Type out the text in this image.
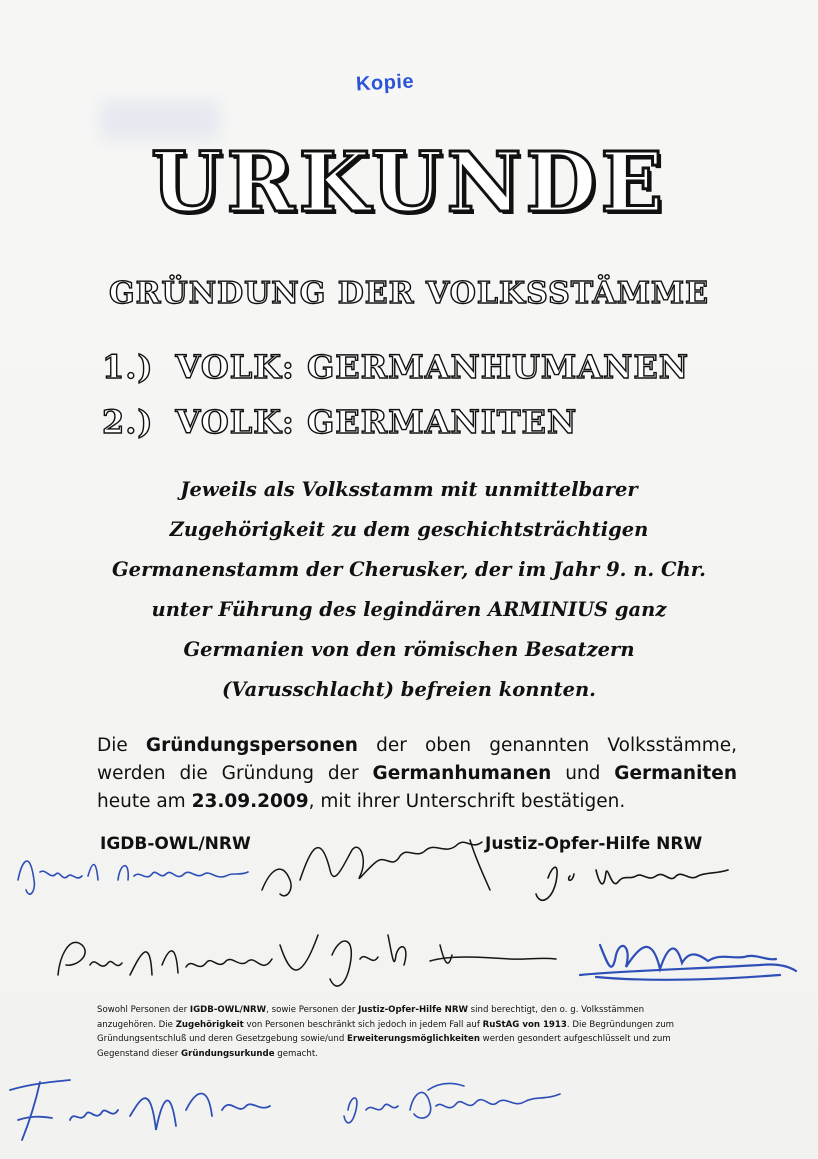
Kopie
URKUNDE
GRÜNDUNG DER VOLKSSTÄMME
1.) VOLK: GERMANHUMANEN
2.) VOLK: GERMANITEN
Jeweils als Volksstamm mit unmittelbarer
Zugehörigkeit zu dem geschichtsträchtigen
Germanenstamm der Cherusker, der im Jahr 9. n. Chr.
unter Führung des legindären ARMINIUS ganz
Germanien von den römischen Besatzern
(Varusschlacht) befreien konnten.
Die Gründungspersonen der oben genannten Volksstämme,
werden die Gründung der Germanhumanen und Germaniten
heute am 23.09.2009, mit ihrer Unterschrift bestätigen.
IGDB-OWL/NRW	Justiz-Opfer-Hilfe NRW
Sowohl Personen der IGDB-OWL/NRW, sowie Personen der Justiz-Opfer-Hilfe NRW sind berechtigt, den o. g. Volksstämmen
anzugehören. Die Zugehörigkeit von Personen beschränkt sich jedoch in jedem Fall auf RuStAG von 1913. Die Begründungen zum
Gründungsentschluß und deren Gesetzgebung sowie/und Erweiterungsmöglichkeiten werden gesondert aufgeschlüsselt und zum
Gegenstand dieser Gründungsurkunde gemacht.
